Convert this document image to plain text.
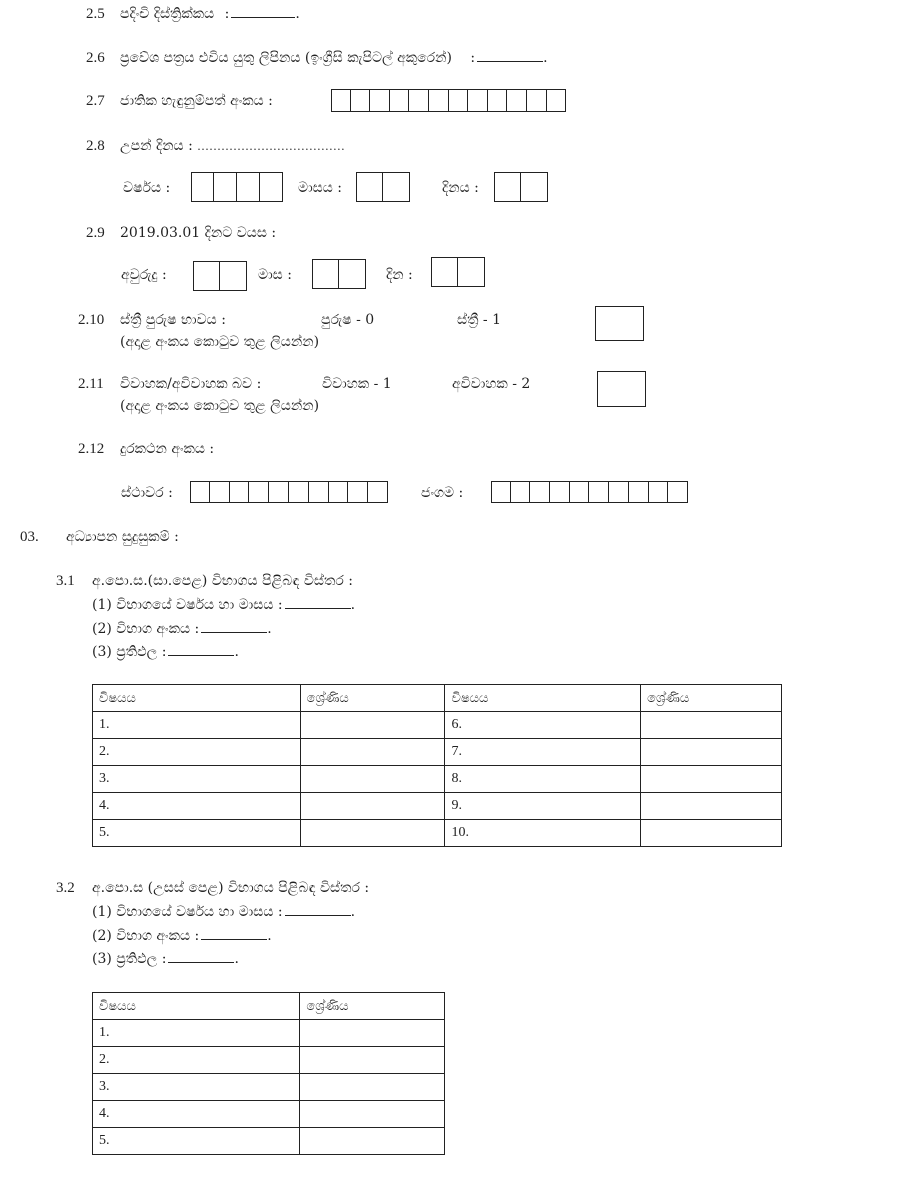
2.5 පදිංචි දිස්ත්‍රික්කය :	.
2.6 ප්‍රවේශ පත්‍රය එවිය යුතු ලිපිනය (ඉංග්‍රීසි කැපිටල් අකුරෙන්) :	.
2.7 ජාතික හැඳුනුම්පත් අංකය :
2.8 උපන් දිනය : .....................................
වර්ෂය :	මාසය :	දිනය :
2.9 2019.03.01 දිනට වයස :
අවුරුදු :	මාස :	දින :
2.10 ස්ත්‍රී පුරුෂ භාවය :	පුරුෂ - 0	ස්ත්‍රී - 1
(අදාළ අංකය කොටුව තුළ ලියන්න)
2.11 විවාහක/අවිවාහක බව :	විවාහක - 1	අවිවාහක - 2
(අදාළ අංකය කොටුව තුළ ලියන්න)
2.12 දුරකථන අංකය :
ස්ථාවර :	ජංගම :
03. අධ්‍යාපන සුදුසුකම් :
3.1 අ.පො.ස.(සා.පෙළ) විභාගය පිළිබඳ විස්තර :
(1) විභාගයේ වර්ෂය හා මාසය :	.
(2) විභාග අංකය :	.
(3) ප්‍රතිඵල :	.
විෂයය	ශ්‍රේණිය	විෂයය	ශ්‍රේණිය
1.		6.	
2.		7.	
3.		8.	
4.		9.	
5.		10.	
3.2 අ.පො.ස (උසස් පෙළ) විභාගය පිළිබඳ විස්තර :
(1) විභාගයේ වර්ෂය හා මාසය :	.
(2) විභාග අංකය :	.
(3) ප්‍රතිඵල :	.
විෂයය	ශ්‍රේණිය
1.	
2.	
3.	
4.	
5.	
